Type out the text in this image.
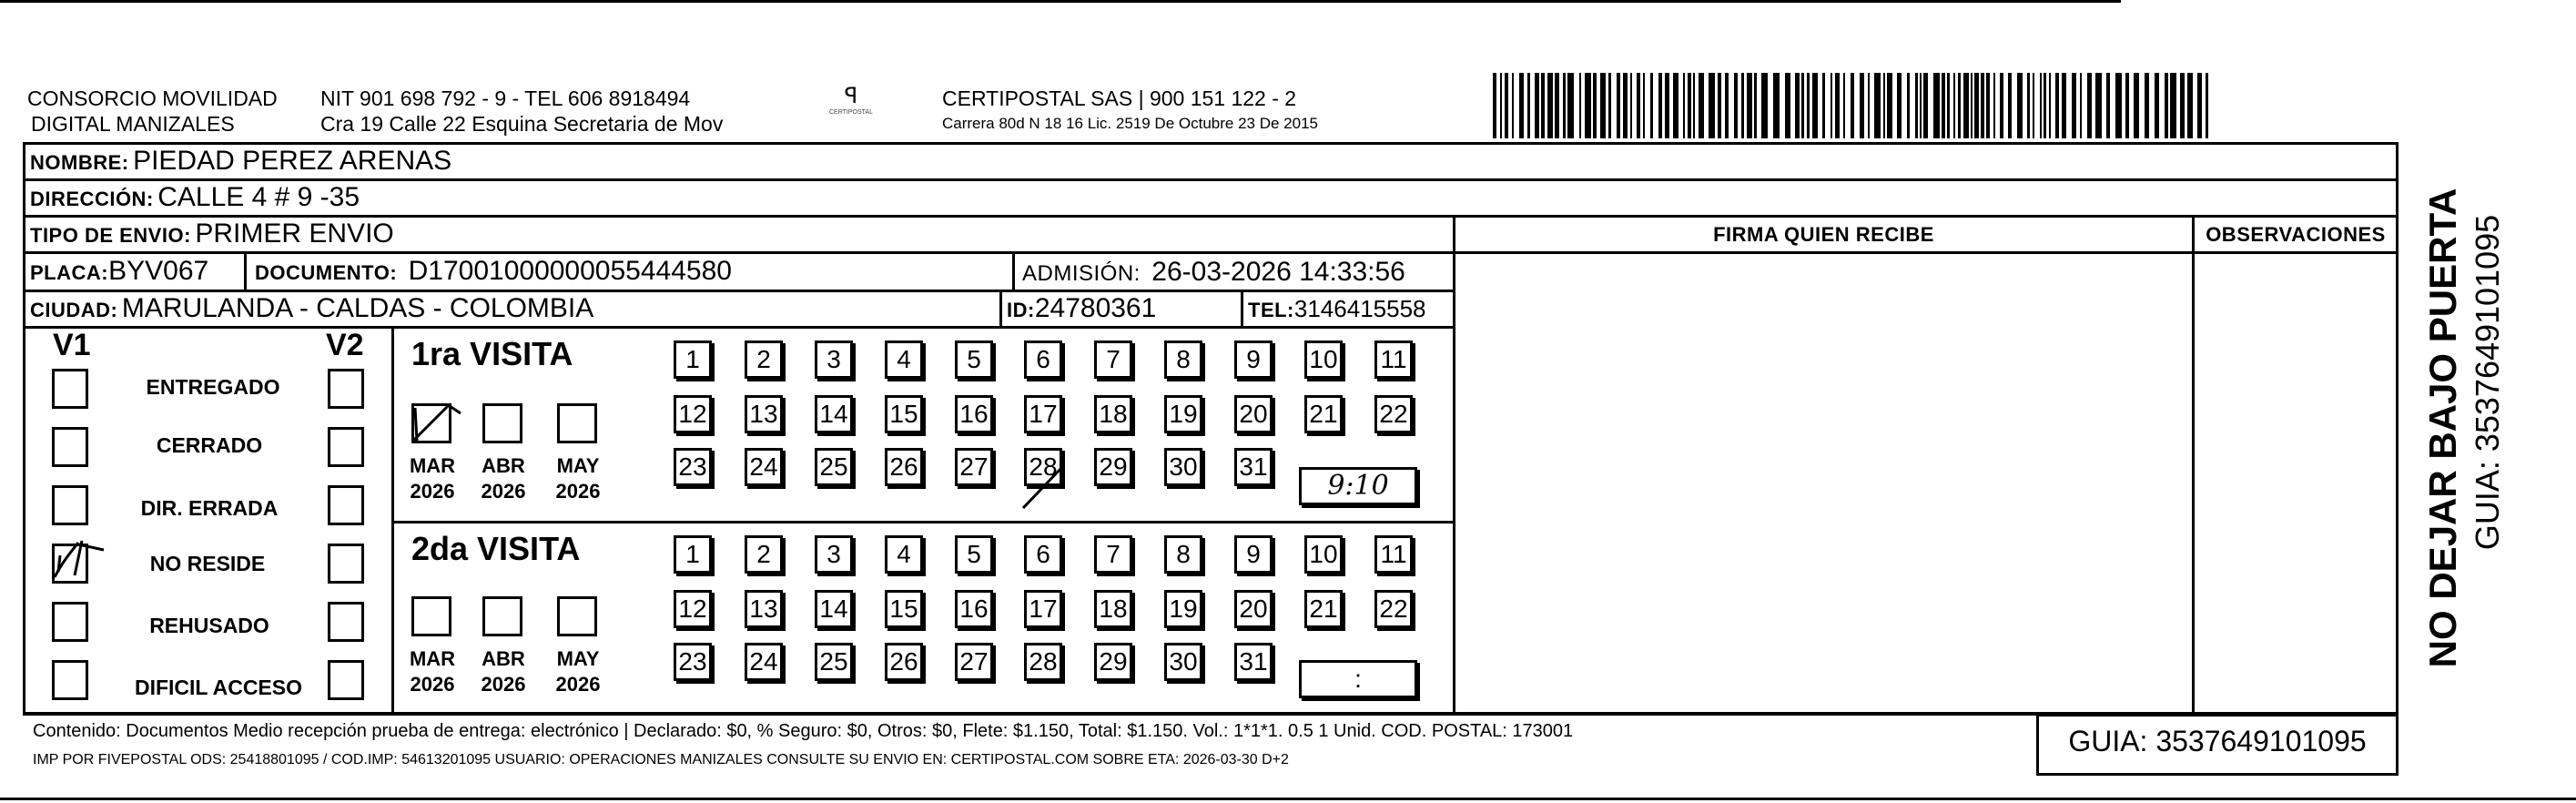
CONSORCIO MOVILIDAD
DIGITAL MANIZALES
NIT 901 698 792 - 9 - TEL 606 8918494
Cra 19 Calle 22 Esquina Secretaria de Mov
ꟼ
CERTIPOSTAL
CERTIPOSTAL SAS | 900 151 122 - 2
Carrera 80d N 18 16 Lic. 2519 De Octubre 23 De 2015
NOMBRE: PIEDAD PEREZ ARENAS
DIRECCIÓN: CALLE 4 # 9 -35
TIPO DE ENVIO: PRIMER ENVIO	FIRMA QUIEN RECIBE	OBSERVACIONES
PLACA:BYV067 DOCUMENTO: D17001000000055444580	ADMISIÓN: 26-03-2026 14:33:56
CIUDAD: MARULANDA - CALDAS - COLOMBIA	ID:24780361	TEL:3146415558
V1	V2
ENTREGADO
CERRADO
DIR. ERRADA
NO RESIDE
REHUSADO
DIFICIL ACCESO
1ra VISITA
MAR
2026
ABR
2026
MAY
2026	9:10
2da VISITA
MAR
2026
ABR
2026
MAY
2026	:
Contenido: Documentos Medio recepción prueba de entrega: electrónico | Declarado: $0, % Seguro: $0, Otros: $0, Flete: $1.150, Total: $1.150. Vol.: 1*1*1. 0.5 1 Unid. COD. POSTAL: 173001
IMP POR FIVEPOSTAL ODS: 25418801095 / COD.IMP: 54613201095 USUARIO: OPERACIONES MANIZALES CONSULTE SU ENVIO EN: CERTIPOSTAL.COM SOBRE ETA: 2026-03-30 D+2
GUIA: 3537649101095
NO DEJAR BAJO PUERTA GUIA: 3537649101095
1	2	3	4	5	6	7	8	9	10 11
12 13 14 15 16 17 18 19 20 21 22
23 24 25 26 27 28 29 30 31
1	2	3	4	5	6	7	8	9	10 11
12 13 14 15 16 17 18 19 20 21 22
23 24 25 26 27 28 29 30 31
